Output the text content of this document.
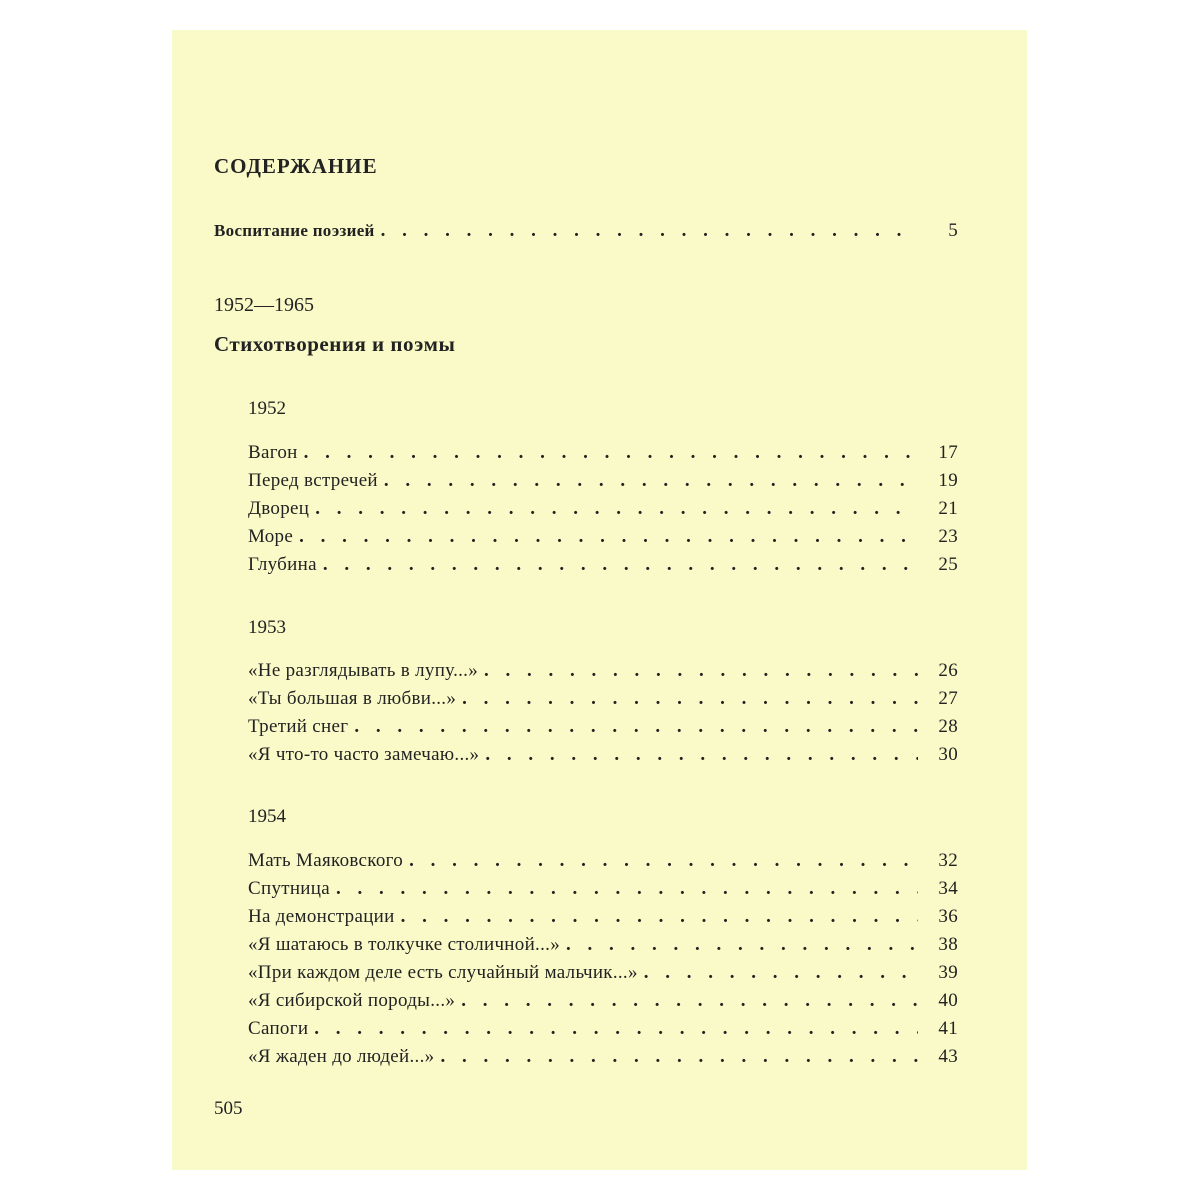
СОДЕРЖАНИЕ
Воспитание поэзией . . .	5
1952—1965
Стихотворения и поэмы
1952
Вагон . . .	17
Перед встречей . . .	19
Дворец . . .	21
Море . . .	23
Глубина . . .	25
1953
«Не разглядывать в лупу...» . . .	26
«Ты большая в любви...» . . .	27
Третий снег . . .	28
«Я что-то часто замечаю...» . . .	30
1954
Мать Маяковского . . .	32
Спутница . . .	34
На демонстрации . . .	36
«Я шатаюсь в толкучке столичной...» . . .	38
«При каждом деле есть случайный мальчик...» . . .	39
«Я сибирской породы...» . . .	40
Сапоги . . .	41
«Я жаден до людей...» . . .	43
505
